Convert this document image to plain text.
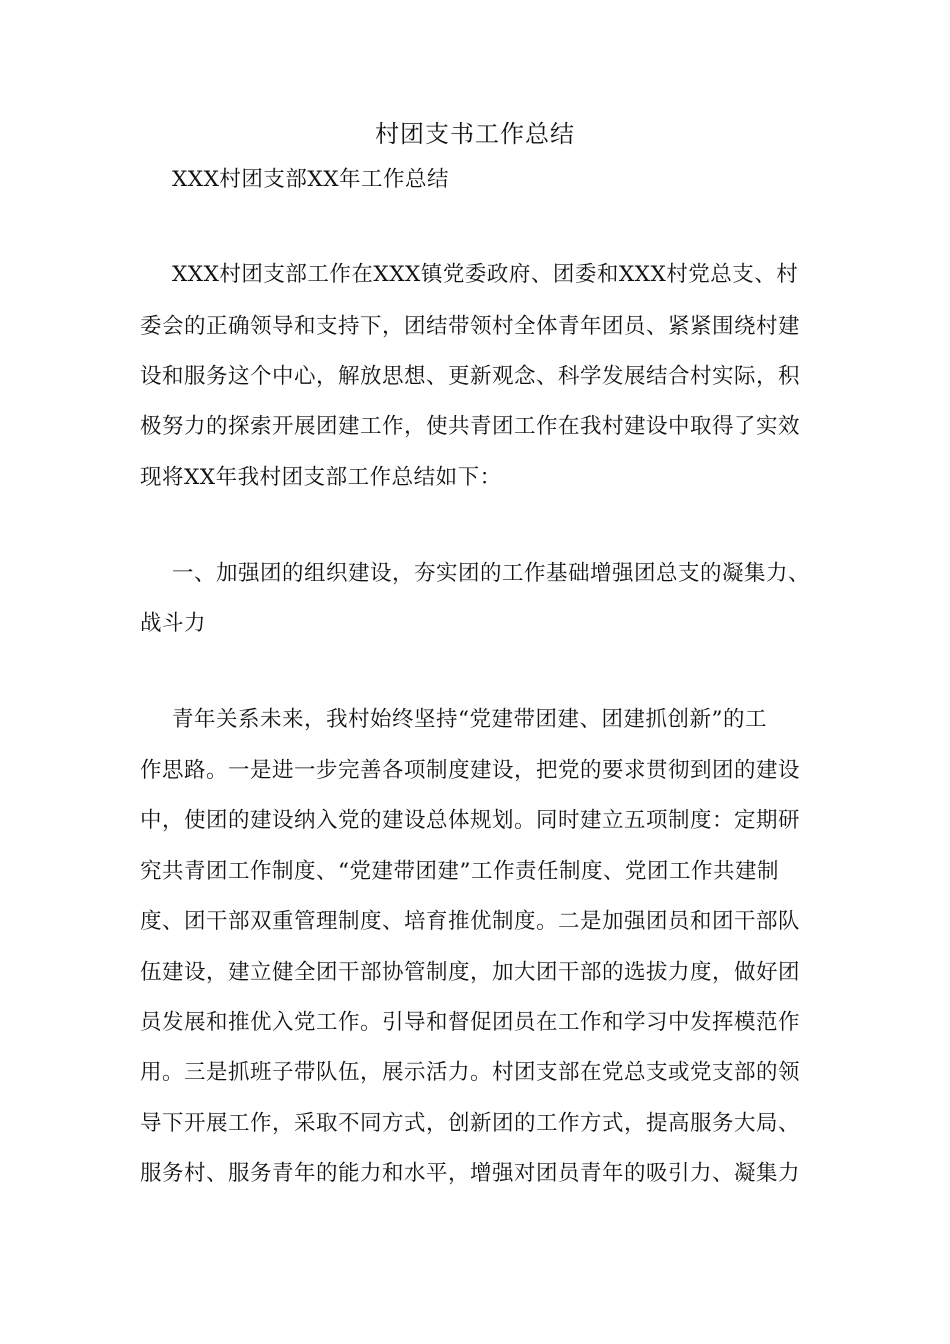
村团支书工作总结
XXX村团支部XX年工作总结
XXX村团支部工作在XXX镇党委政府、团委和XXX村党总支、村
委会的正确领导和支持下，团结带领村全体青年团员、紧紧围绕村建
设和服务这个中心，解放思想、更新观念、科学发展结合村实际，积
极努力的探索开展团建工作，使共青团工作在我村建设中取得了实效
现将XX年我村团支部工作总结如下：
一、加强团的组织建设，夯实团的工作基础增强团总支的凝集力、
战斗力
青年关系未来，我村始终坚持“党建带团建、团建抓创新”的工
作思路。一是进一步完善各项制度建设，把党的要求贯彻到团的建设
中，使团的建设纳入党的建设总体规划。同时建立五项制度：定期研
究共青团工作制度、“党建带团建”工作责任制度、党团工作共建制
度、团干部双重管理制度、培育推优制度。二是加强团员和团干部队
伍建设，建立健全团干部协管制度，加大团干部的选拔力度，做好团
员发展和推优入党工作。引导和督促团员在工作和学习中发挥模范作
用。三是抓班子带队伍，展示活力。村团支部在党总支或党支部的领
导下开展工作，采取不同方式，创新团的工作方式，提高服务大局、
服务村、服务青年的能力和水平，增强对团员青年的吸引力、凝集力
